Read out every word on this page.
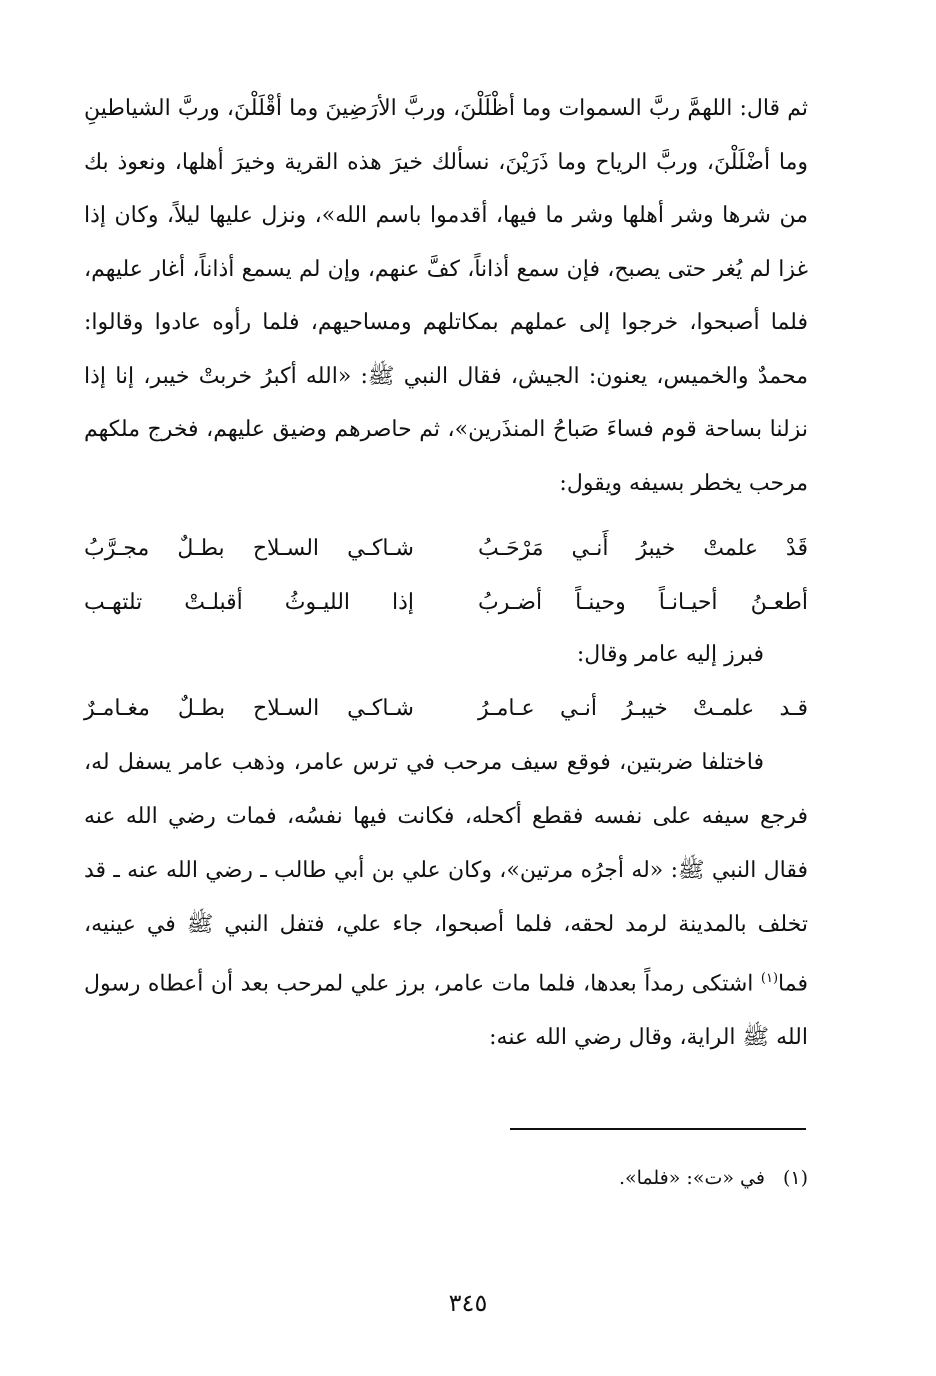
ثم قال: اللهمَّ ربَّ السموات وما أظْلَلْنَ، وربَّ الأرَضِينَ وما أقْلَلْنَ، وربَّ الشياطينِ وما أضْلَلْنَ، وربَّ الرياح وما ذَرَيْنَ، نسألك خيرَ هذه القرية وخيرَ أهلها، ونعوذ بك من شرها وشر أهلها وشر ما فيها، أقدموا باسم الله»، ونزل عليها ليلاً، وكان إذا غزا لم يُغر حتى يصبح، فإن سمع أذاناً، كفَّ عنهم، وإن لم يسمع أذاناً، أغار عليهم، فلما أصبحوا، خرجوا إلى عملهم بمكاتلهم ومساحيهم، فلما رأوه عادوا وقالوا: محمدٌ والخميس، يعنون: الجيش، فقال النبي ﷺ: «الله أكبرُ خربتْ خيبر، إنا إذا نزلنا بساحة قوم فساءَ صَباحُ المنذَرين»، ثم حاصرهم وضيق عليهم، فخرج ملكهم مرحب يخطر بسيفه ويقول:

قَدْ علمتْ خيبرُ أَنـي مَرْحَـبُ
شـاكـي السـلاح بطـلٌ مجـرَّبُ
أطعـنُ أحيـانـاً وحينـاً أضـربُ
إذا الليـوثُ أقبلـتْ تلتهـب
فبرز إليه عامر وقال:
قـد علمـتْ خيبـرُ أنـي عـامـرُ
شـاكـي السـلاح بطـلٌ مغـامـرٌ

فاختلفا ضربتين، فوقع سيف مرحب في ترس عامر، وذهب عامر يسفل له، فرجع سيفه على نفسه فقطع أكحله، فكانت فيها نفسُه، فمات رضي الله عنه فقال النبي ﷺ: «له أجرُه مرتين»، وكان علي بن أبي طالب ـ رضي الله عنه ـ قد تخلف بالمدينة لرمد لحقه، فلما أصبحوا، جاء علي، فتفل النبي ﷺ في عينيه، فما$^{(١)}$ اشتكى رمداً بعدها، فلما مات عامر، برز علي لمرحب بعد أن أعطاه رسول الله ﷺ الراية، وقال رضي الله عنه:

(١)في «ت»: «فلما».
٣٤٥
